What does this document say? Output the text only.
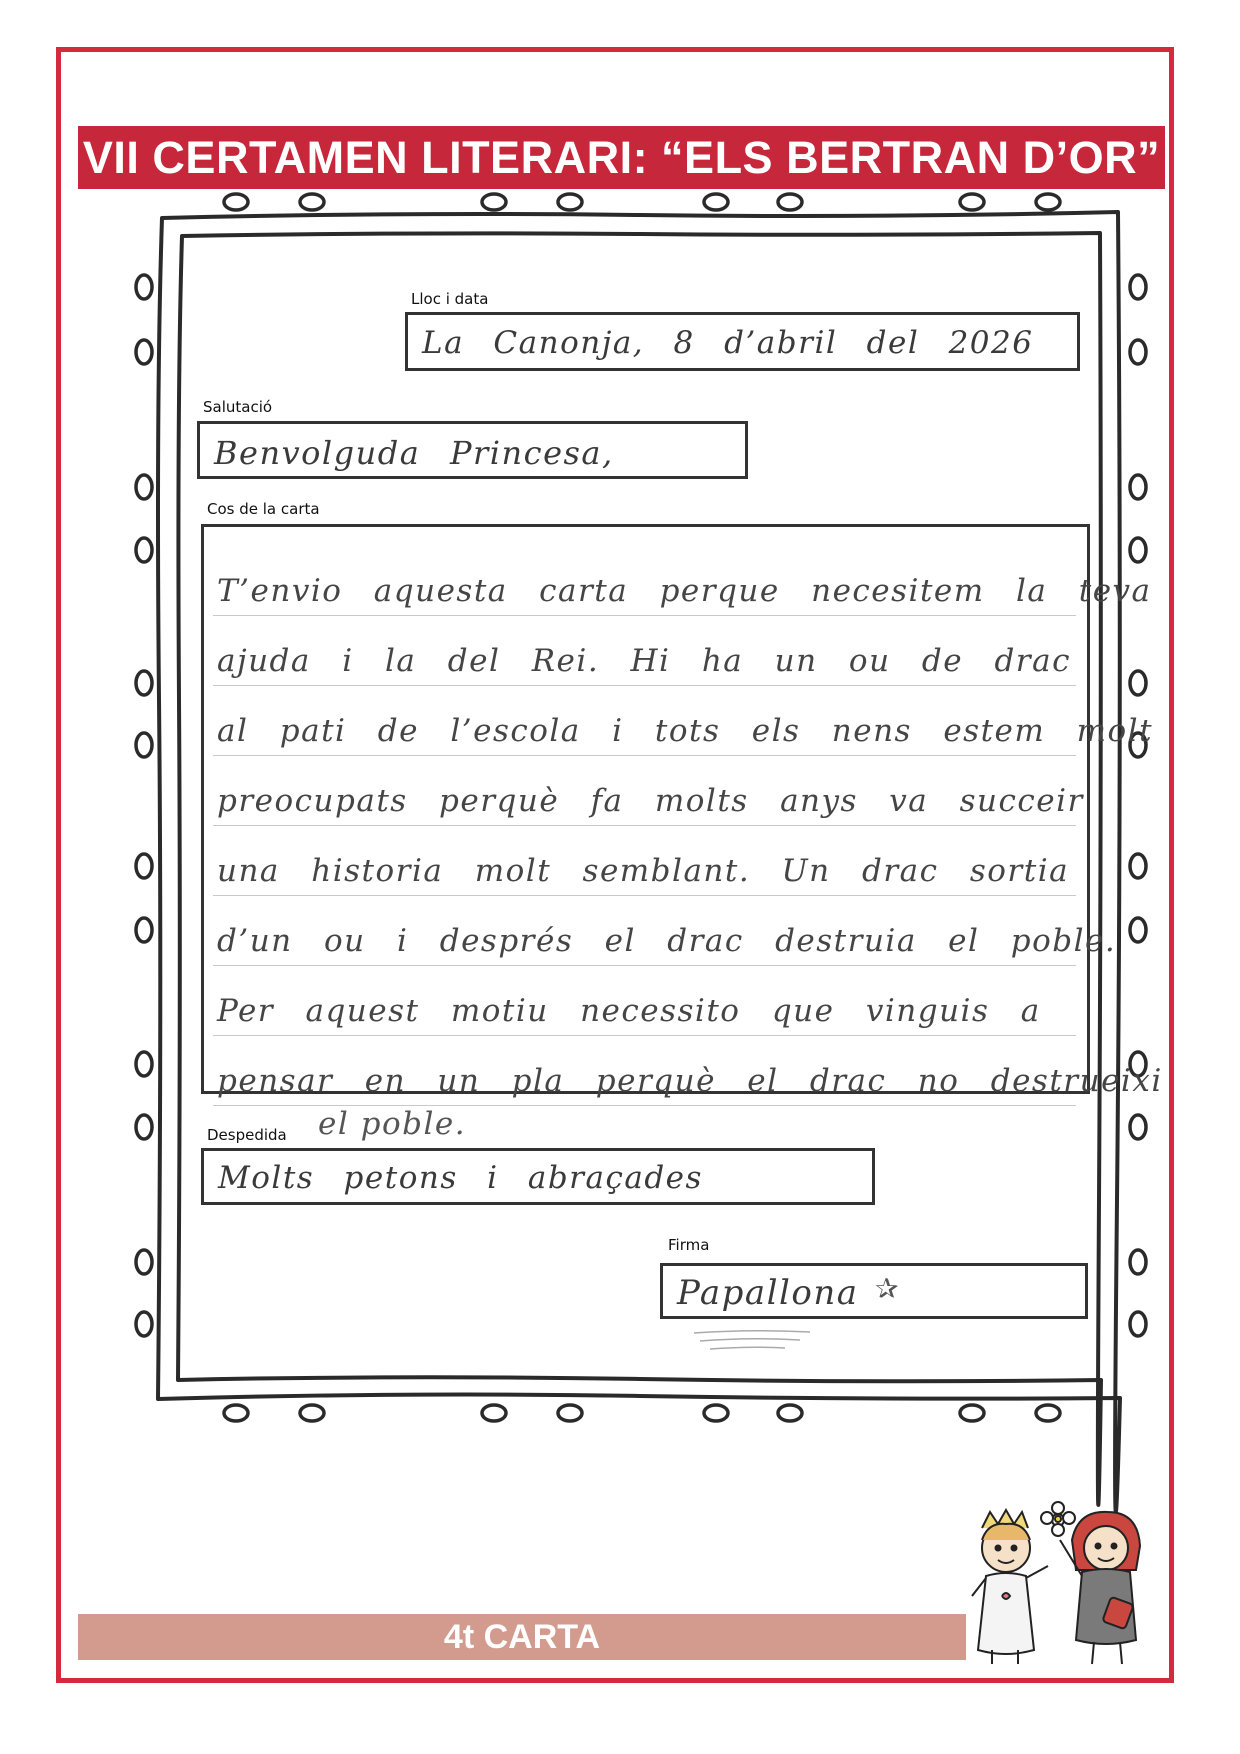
VII CERTAMEN LITERARI: “ELS BERTRAN D’OR”
Lloc i data
La Canonja, 8 d’abril del 2026
Salutació
Benvolguda Princesa,
Cos de la carta
T’envio aquesta carta perque necesitem la teva
ajuda i la del Rei. Hi ha un ou de drac
al pati de l’escola i tots els nens estem molt
preocupats perquè fa molts anys va succeir
una historia molt semblant. Un drac sortia
d’un ou i després el drac destruia el poble.
Per aquest motiu necessito que vinguis a
pensar en un pla perquè el drac no destrueixi
el poble.
Despedida
Molts petons i abraçades
Firma
Papallona ✰
4t CARTA
